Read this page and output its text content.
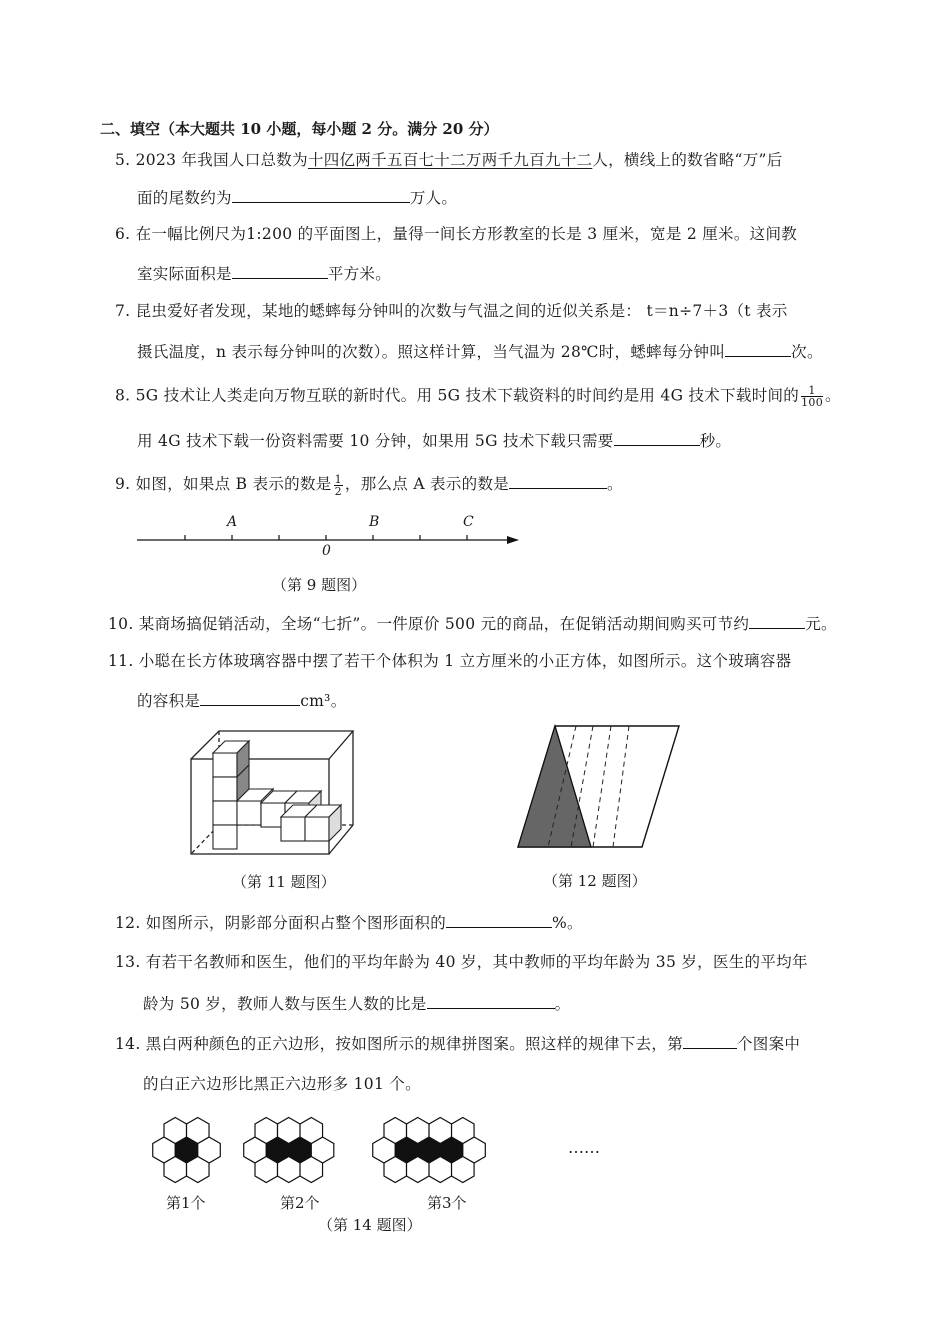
二、填空（本大题共 10 小题，每小题 2 分。满分 20 分）
5. 2023 年我国人口总数为十四亿两千五百七十二万两千九百九十二人，横线上的数省略“万”后
面的尾数约为	万人。
6. 在一幅比例尺为1:200 的平面图上，量得一间长方形教室的长是 3 厘米，宽是 2 厘米。这间教
室实际面积是	平方米。
7. 昆虫爱好者发现，某地的蟋蟀每分钟叫的次数与气温之间的近似关系是： t＝n÷7＋3（t 表示
摄氏温度，n 表示每分钟叫的次数）。照这样计算，当气温为 28℃时，蟋蟀每分钟叫	次。
8. 5G 技术让人类走向万物互联的新时代。用 5G 技术下载资料的时间约是用 4G 技术下载时间的 $\frac{1}{100}$ 。
用 4G 技术下载一份资料需要 10 分钟，如果用 5G 技术下载只需要	秒。
9. 如图，如果点 B 表示的数是 $\frac{1}{2}$ ，那么点 A 表示的数是	。
A	B	C
0
（第 9 题图）
10. 某商场搞促销活动，全场“七折”。一件原价 500 元的商品，在促销活动期间购买可节约	元。
11. 小聪在长方体玻璃容器中摆了若干个体积为 1 立方厘米的小正方体，如图所示。这个玻璃容器
的容积是	cm³。
（第 11 题图）	（第 12 题图）
12. 如图所示，阴影部分面积占整个图形面积的	%。
13. 有若干名教师和医生，他们的平均年龄为 40 岁，其中教师的平均年龄为 35 岁，医生的平均年
龄为 50 岁，教师人数与医生人数的比是	。
14. 黑白两种颜色的正六边形，按如图所示的规律拼图案。照这样的规律下去，第	个图案中
的白正六边形比黑正六边形多 101 个。
第1个	第2个	第3个
……
（第 14 题图）
